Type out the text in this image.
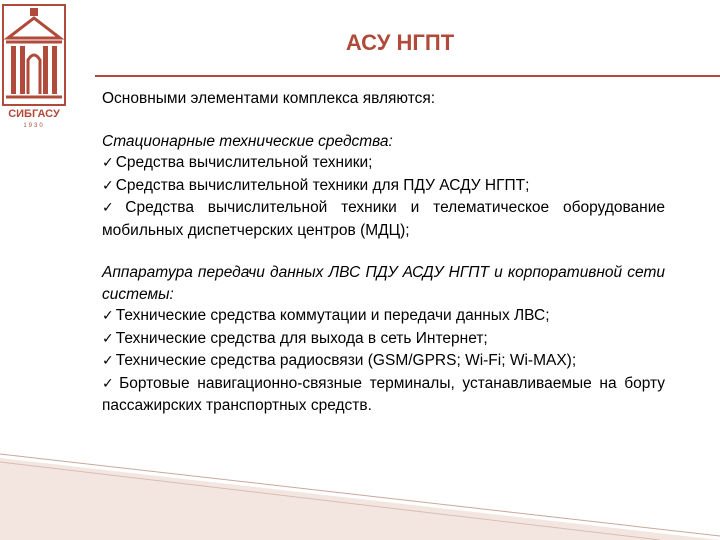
СИБГАСУ
1930
АСУ НГПТ

Основными элементами комплекса являются:

Стационарные технические средства:

✓ Средства вычислительной техники;

✓ Средства вычислительной техники для ПДУ АСДУ НГПТ;

✓ Средства вычислительной техники и телематическое оборудование мобильных диспетчерских центров (МДЦ);

Аппаратура передачи данных ЛВС ПДУ АСДУ НГПТ и корпоративной сети системы:

✓ Технические средства коммутации и передачи данных ЛВС;

✓ Технические средства для выхода в сеть Интернет;

✓ Технические средства радиосвязи (GSM/GPRS; Wi-Fi; Wi-MAX);

✓ Бортовые навигационно-связные терминалы, устанавливаемые на борту пассажирских транспортных средств.
